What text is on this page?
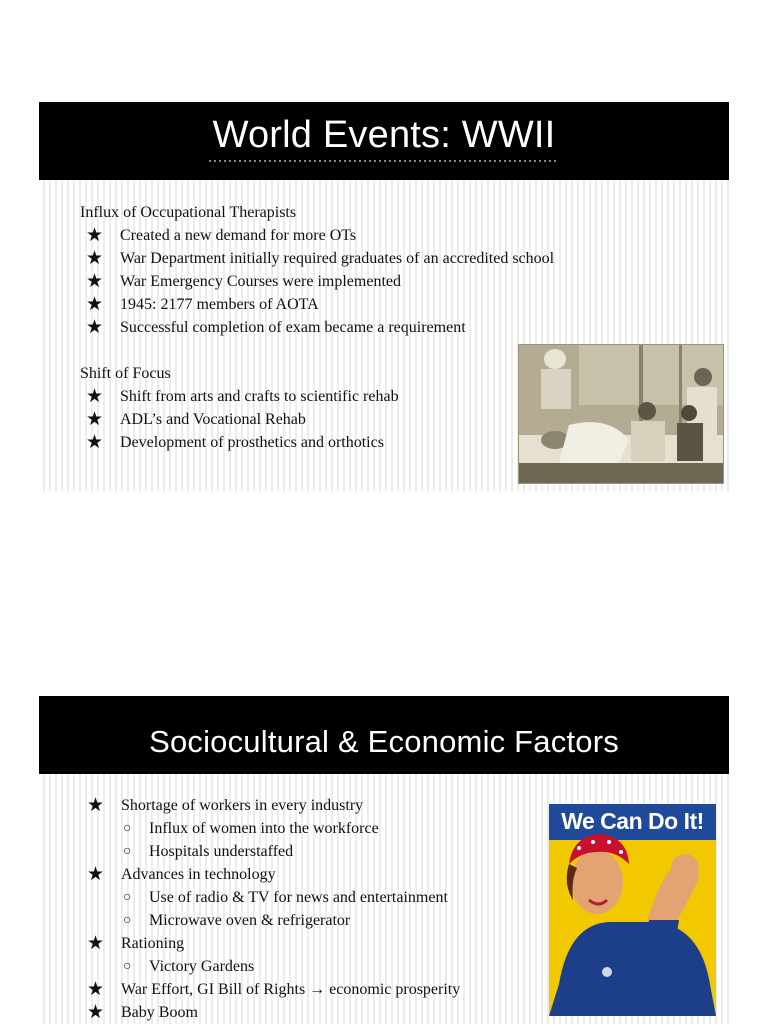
World Events: WWII

Influx of Occupational Therapists

★ Created a new demand for more OTs
★ War Department initially required graduates of an accredited school
★ War Emergency Courses were implemented
★ 1945: 2177 members of AOTA
★ Successful completion of exam became a requirement

Shift of Focus

★ Shift from arts and crafts to scientific rehab
★ ADL’s and Vocational Rehab
★ Development of prosthetics and orthotics
Sociocultural & Economic Factors
★ Shortage of workers in every industry
○ Influx of women into the workforce
○ Hospitals understaffed
★ Advances in technology
○ Use of radio & TV for news and entertainment
○ Microwave oven & refrigerator
★ Rationing
○ Victory Gardens
★ War Effort, GI Bill of Rights → economic prosperity
★ Baby Boom
We Can Do It!
